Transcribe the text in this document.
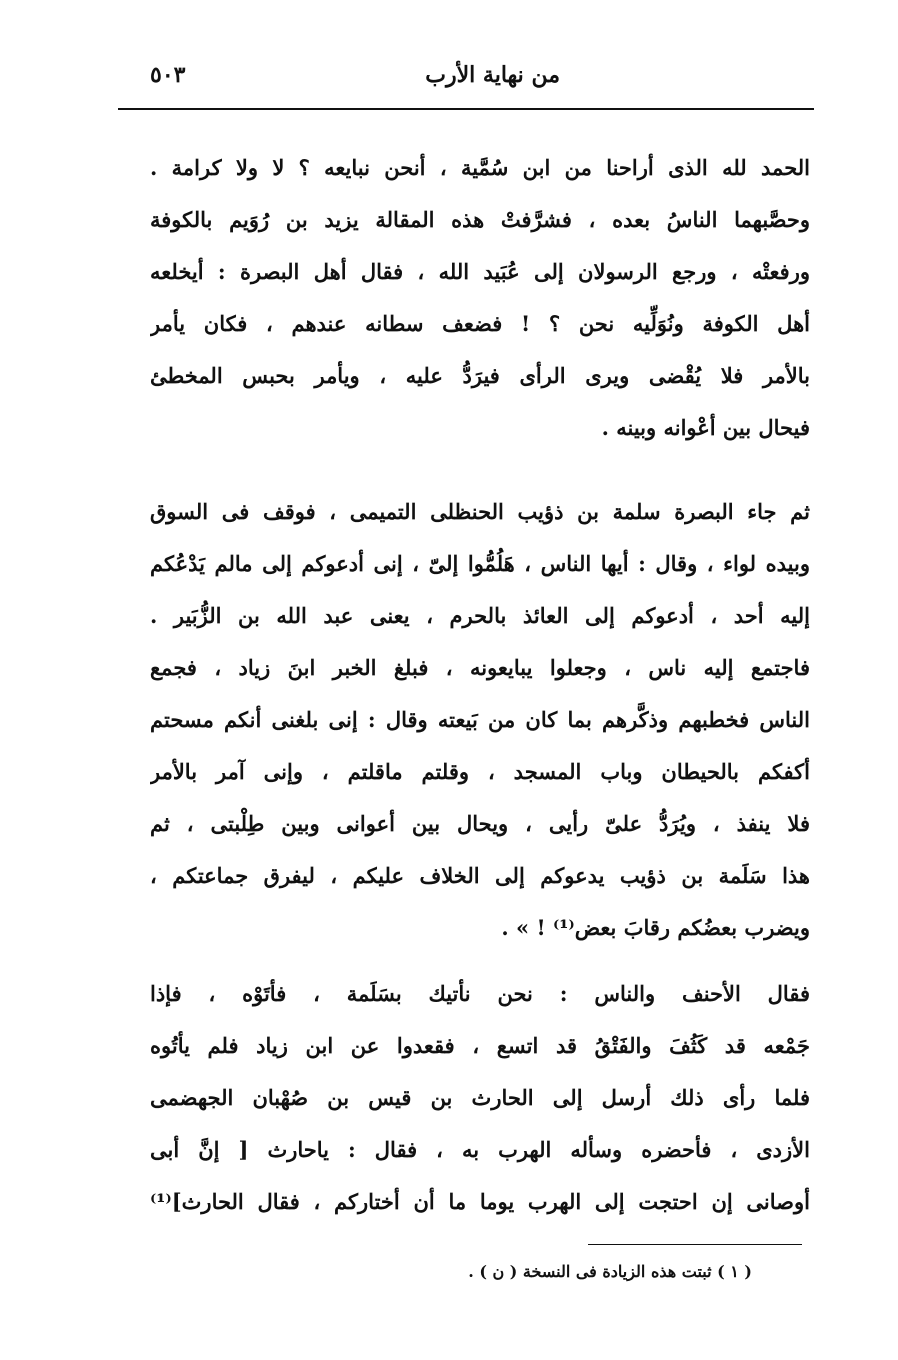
من نهاية الأرب
٥٠٣
الحمد لله الذى أراحنا من ابن سُمَّية ، أنحن نبايعه ؟ لا ولا كرامة .
وحصَّبهما الناسُ بعده ، فشرَّفتْ هذه المقالة يزيد بن رُوَيم بالكوفة
ورفعتْه ، ورجع الرسولان إلى عُبَيد الله ، فقال أهل البصرة : أيخلعه
أهل الكوفة ونُوَلِّيه نحن ؟ ! فضعف سطانه عندهم ، فكان يأمر
بالأمر فلا يُقْضى ويرى الرأى فيرَدُّ عليه ، ويأمر بحبس المخطئ
فيحال بين أعْوانه وبينه .
ثم جاء البصرة سلمة بن ذؤيب الحنظلى التميمى ، فوقف فى السوق
وبيده لواء ، وقال : أيها الناس ، هَلُمُّوا إلىّ ، إنى أدعوكم إلى مالم يَدْعُكم
إليه أحد ، أدعوكم إلى العائذ بالحرم ، يعنى عبد الله بن الزُّبَير .
فاجتمع إليه ناس ، وجعلوا يبايعونه ، فبلغ الخبر ابنَ زياد ، فجمع
الناس فخطبهم وذكَّرهم بما كان من بَيعته وقال : إنى بلغنى أنكم مسحتم
أكفكم بالحيطان وباب المسجد ، وقلتم ماقلتم ، وإنى آمر بالأمر
فلا ينفذ ، ويُرَدُّ علىّ رأيى ، ويحال بين أعوانى وبين طِلْبتى ، ثم
هذا سَلَمة بن ذؤيب يدعوكم إلى الخلاف عليكم ، ليفرق جماعتكم ،
ويضرب بعضُكم رقابَ بعض⁽¹⁾ ! » .
فقال الأحنف والناس : نحن نأتيك بسَلَمة ، فأتَوْه ، فإذا
جَمْعه قد كَثُفَ والفَتْقُ قد اتسع ، فقعدوا عن ابن زياد فلم يأتُوه
فلما رأى ذلك أرسل إلى الحارث بن قيس بن صُهْبان الجهضمى
الأزدى ، فأحضره وسأله الهرب به ، فقال : ياحارث [ إنَّ أبى
أوصانى إن احتجت إلى الهرب يوما ما أن أختاركم ، فقال الحارث]⁽¹⁾
( ١ ) ثبتت هذه الزيادة فى النسخة ( ن ) .
